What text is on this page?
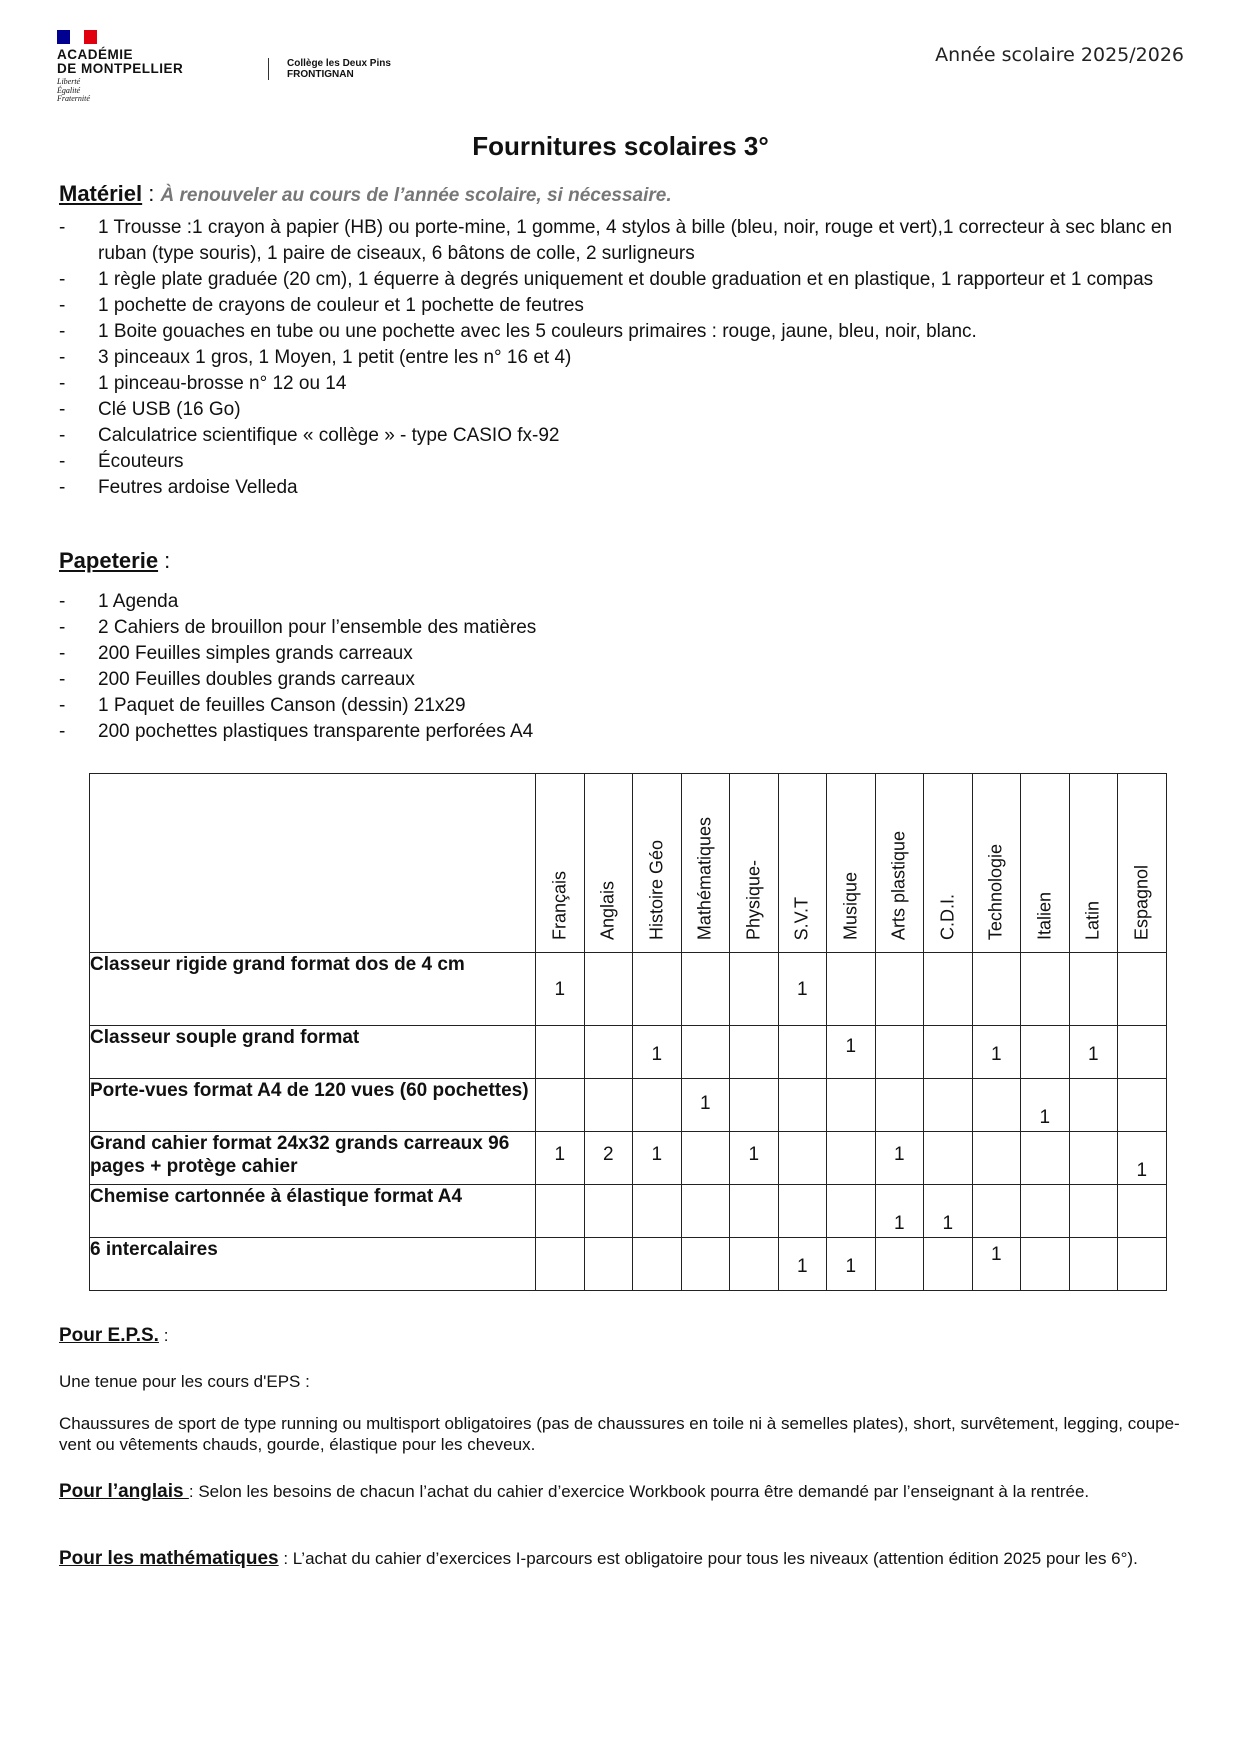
ACADÉMIE
DE MONTPELLIER
Liberté
Égalité
Fraternité
Collège les Deux Pins
FRONTIGNAN
Année scolaire 2025/2026
Fournitures scolaires 3°
Matériel : À renouveler au cours de l’année scolaire, si nécessaire.
- 1 Trousse :1 crayon à papier (HB) ou porte-mine, 1 gomme, 4 stylos à bille (bleu, noir, rouge et vert),1 correcteur à sec blanc en ruban (type souris), 1 paire de ciseaux, 6 bâtons de colle, 2 surligneurs
- 1 règle plate graduée (20 cm), 1 équerre à degrés uniquement et double graduation et en plastique, 1 rapporteur et 1 compas
- 1 pochette de crayons de couleur et 1 pochette de feutres
- 1 Boite gouaches en tube ou une pochette avec les 5 couleurs primaires : rouge, jaune, bleu, noir, blanc.
- 3 pinceaux 1 gros, 1 Moyen, 1 petit (entre les n° 16 et 4)
- 1 pinceau-brosse n° 12 ou 14
- Clé USB (16 Go)
- Calculatrice scientifique « collège » - type CASIO fx-92
- Écouteurs
- Feutres ardoise Velleda
Papeterie :
- 1 Agenda
- 2 Cahiers de brouillon pour l’ensemble des matières
- 200 Feuilles simples grands carreaux
- 200 Feuilles doubles grands carreaux
- 1 Paquet de feuilles Canson (dessin) 21x29
- 200 pochettes plastiques transparente perforées A4

	Français	Anglais	Histoire Géo	Mathématiques	Physique-	S.V.T	Musique	Arts plastique	C.D.I.	Technologie	Italien	Latin	Espagnol

Classeur rigide grand format dos de 4 cm	1					1							

Classeur souple grand format			1				1			1		1	

Porte-vues format A4 de 120 vues (60 pochettes)				1							1		

Grand cahier format 24x32 grands carreaux 96 pages + protège cahier	1	2	1		1			1					1

Chemise cartonnée à élastique format A4								1	1				

6 intercalaires						1	1			1			

Pour E.P.S. :
Une tenue pour les cours d'EPS :
Chaussures de sport de type running ou multisport obligatoires (pas de chaussures en toile ni à semelles plates), short, survêtement, legging, coupe-vent ou vêtements chauds, gourde, élastique pour les cheveux.
Pour l’anglais : Selon les besoins de chacun l’achat du cahier d’exercice Workbook pourra être demandé par l’enseignant à la rentrée.
Pour les mathématiques : L’achat du cahier d’exercices I-parcours est obligatoire pour tous les niveaux (attention édition 2025 pour les 6°).
